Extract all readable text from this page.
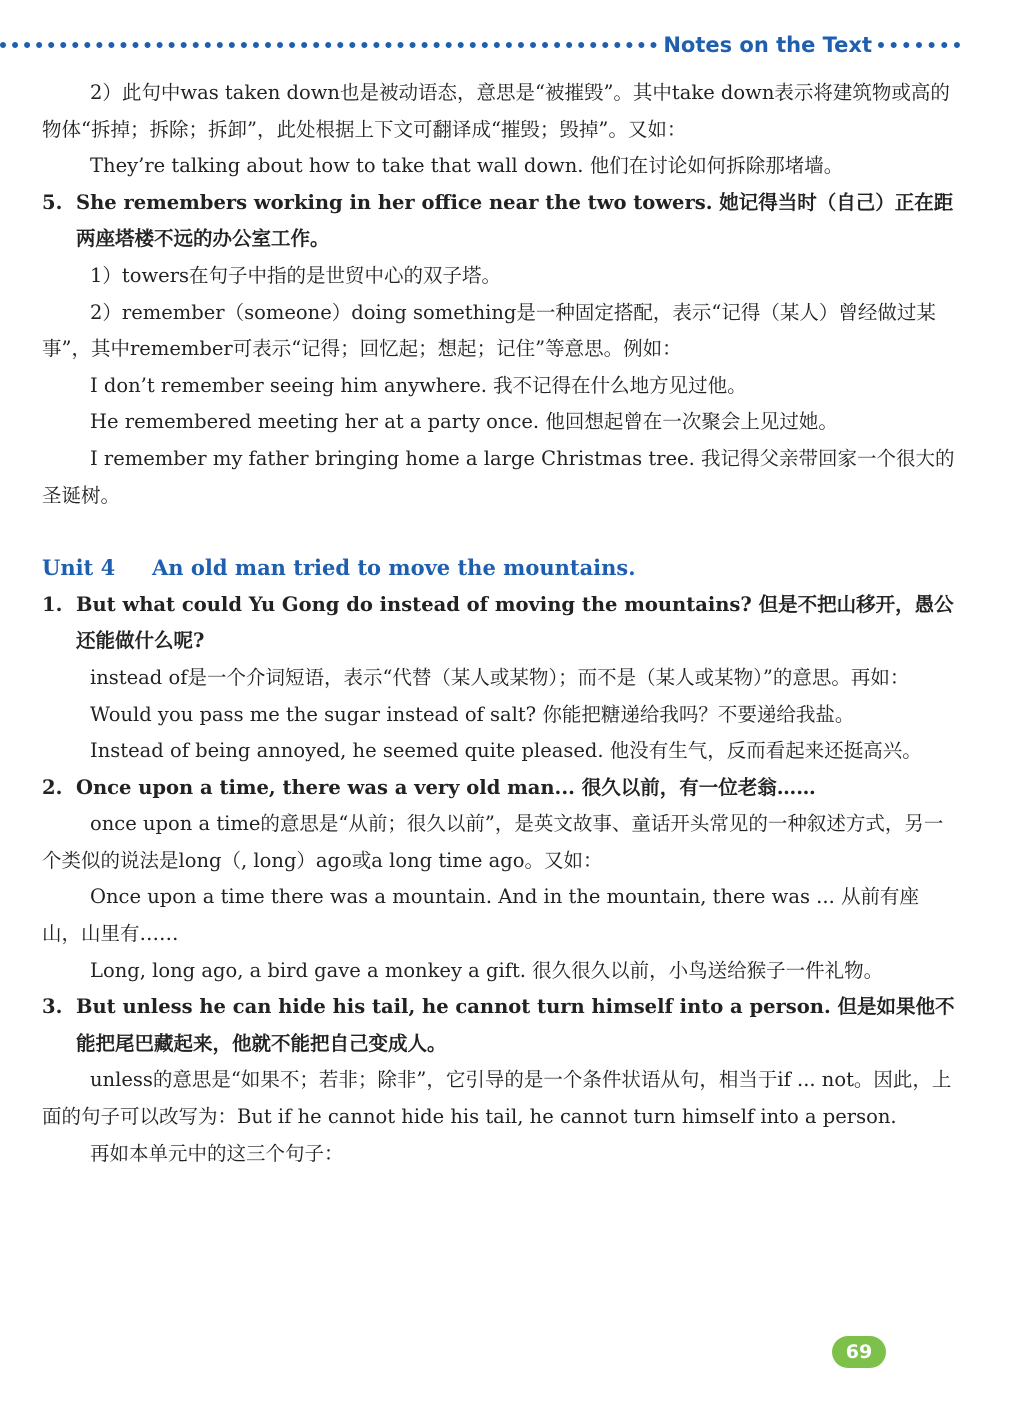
Notes on the Text

2）此句中was taken down也是被动语态，意思是“被摧毁”。其中take down表示将建筑物或高的物体“拆掉；拆除；拆卸”，此处根据上下文可翻译成“摧毁；毁掉”。又如：

They’re talking about how to take that wall down. 他们在讨论如何拆除那堵墙。

5. She remembers working in her office near the two towers. 她记得当时（自己）正在距两座塔楼不远的办公室工作。

1）towers在句子中指的是世贸中心的双子塔。

2）remember（someone）doing something是一种固定搭配，表示“记得（某人）曾经做过某事”，其中remember可表示“记得；回忆起；想起；记住”等意思。例如：

I don’t remember seeing him anywhere. 我不记得在什么地方见过他。

He remembered meeting her at a party once. 他回想起曾在一次聚会上见过她。

I remember my father bringing home a large Christmas tree. 我记得父亲带回家一个很大的圣诞树。

Unit 4 An old man tried to move the mountains.

1. But what could Yu Gong do instead of moving the mountains? 但是不把山移开，愚公还能做什么呢?

instead of是一个介词短语，表示“代替（某人或某物）；而不是（某人或某物）”的意思。再如：

Would you pass me the sugar instead of salt? 你能把糖递给我吗？不要递给我盐。

Instead of being annoyed, he seemed quite pleased. 他没有生气，反而看起来还挺高兴。

2. Once upon a time, there was a very old man... 很久以前，有一位老翁……

once upon a time的意思是“从前；很久以前”，是英文故事、童话开头常见的一种叙述方式，另一个类似的说法是long（, long）ago或a long time ago。又如：

Once upon a time there was a mountain. And in the mountain, there was ... 从前有座山，山里有……

Long, long ago, a bird gave a monkey a gift. 很久很久以前，小鸟送给猴子一件礼物。

3. But unless he can hide his tail, he cannot turn himself into a person. 但是如果他不能把尾巴藏起来，他就不能把自己变成人。

unless的意思是“如果不；若非；除非”，它引导的是一个条件状语从句，相当于if ... not。因此，上面的句子可以改写为：But if he cannot hide his tail, he cannot turn himself into a person.

再如本单元中的这三个句子：

69
